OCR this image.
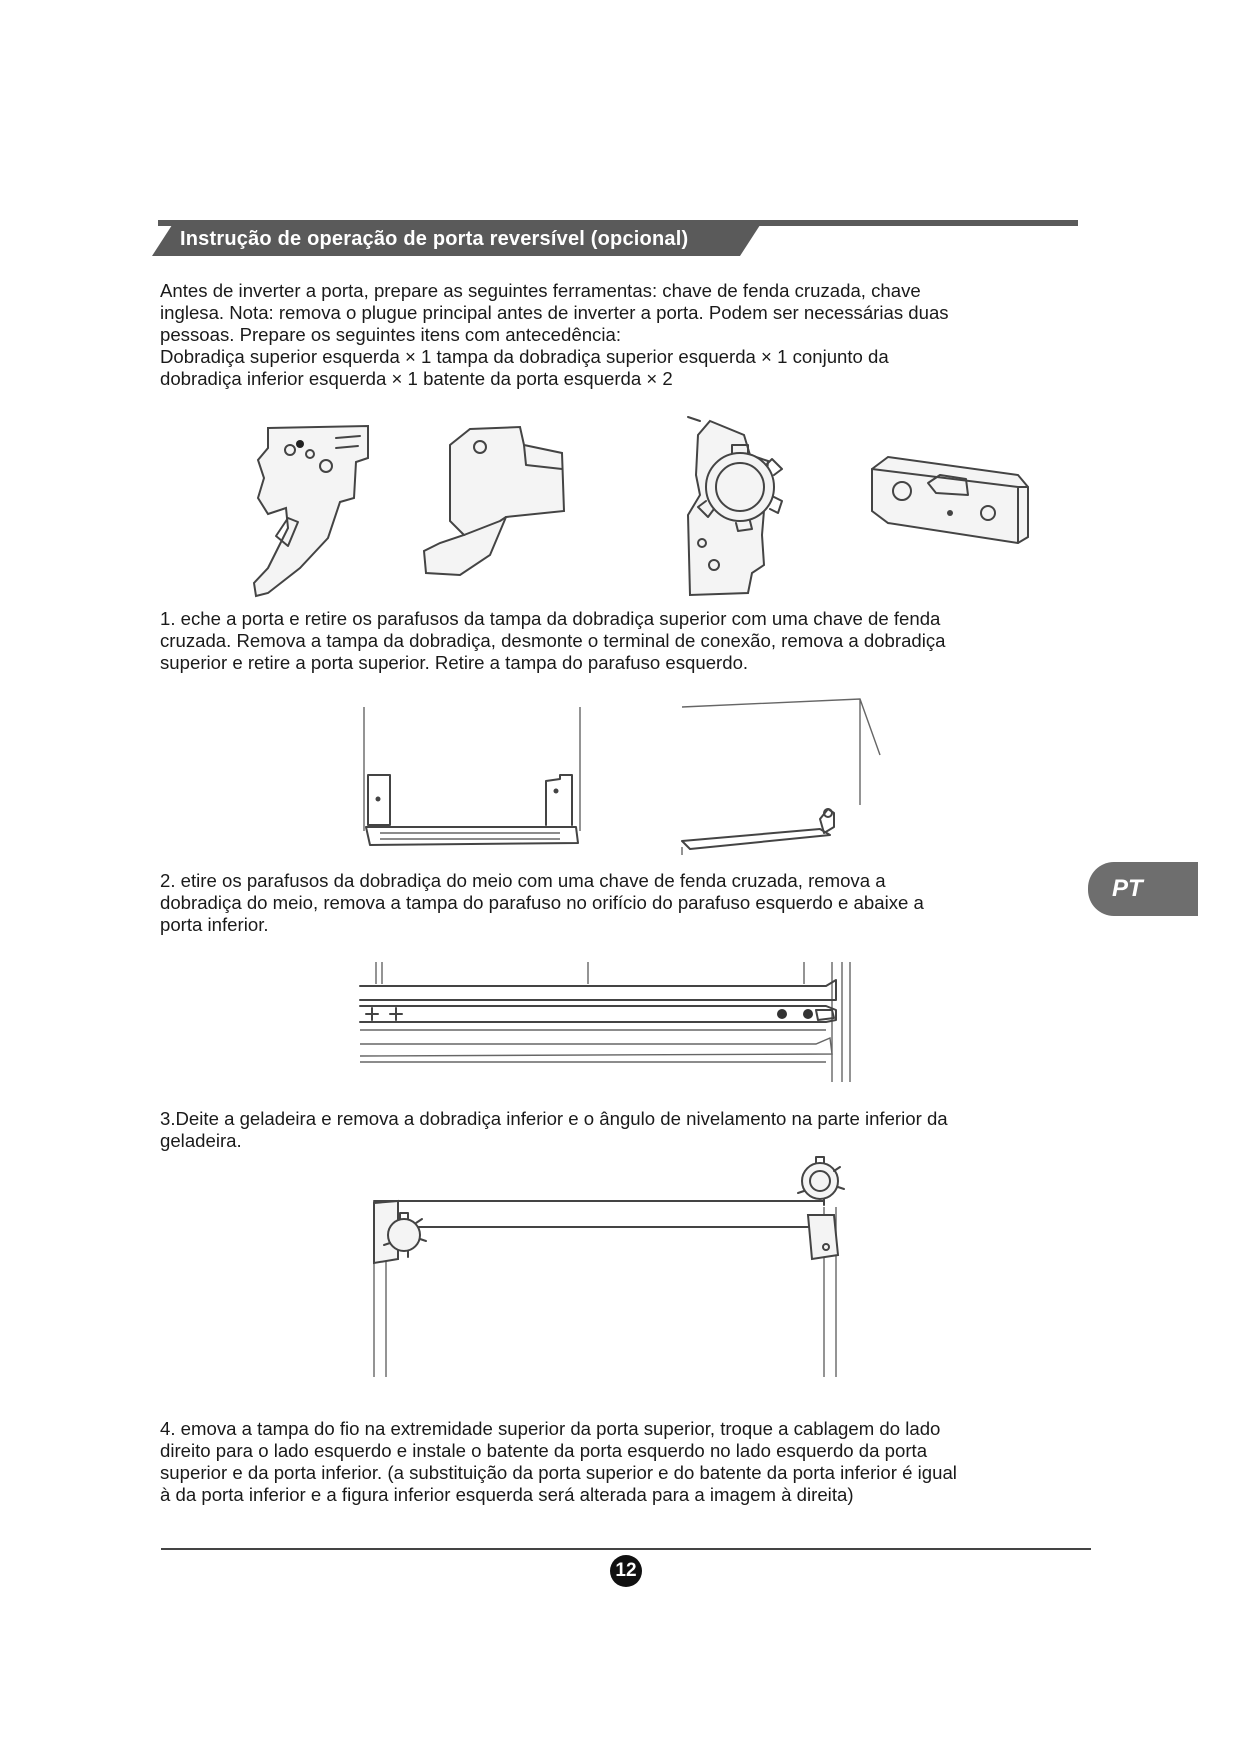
Instrução de operação de porta reversível (opcional)
Antes de inverter a porta, prepare as seguintes ferramentas: chave de fenda cruzada, chave
inglesa. Nota: remova o plugue principal antes de inverter a porta. Podem ser necessárias duas
pessoas. Prepare os seguintes itens com antecedência:
Dobradiça superior esquerda × 1 tampa da dobradiça superior esquerda × 1 conjunto da
dobradiça inferior esquerda × 1 batente da porta esquerda × 2
1. eche a porta e retire os parafusos da tampa da dobradiça superior com uma chave de fenda
cruzada. Remova a tampa da dobradiça, desmonte o terminal de conexão, remova a dobradiça
superior e retire a porta superior. Retire a tampa do parafuso esquerdo.
2. etire os parafusos da dobradiça do meio com uma chave de fenda cruzada, remova a
dobradiça do meio, remova a tampa do parafuso no orifício do parafuso esquerdo e abaixe a
porta inferior.
3.Deite a geladeira e remova a dobradiça inferior e o ângulo de nivelamento na parte inferior da
geladeira.
4. emova a tampa do fio na extremidade superior da porta superior, troque a cablagem do lado
direito para o lado esquerdo e instale o batente da porta esquerdo no lado esquerdo da porta
superior e da porta inferior. (a substituição da porta superior e do batente da porta inferior é igual
à da porta inferior e a figura inferior esquerda será alterada para a imagem à direita)
PT
12
